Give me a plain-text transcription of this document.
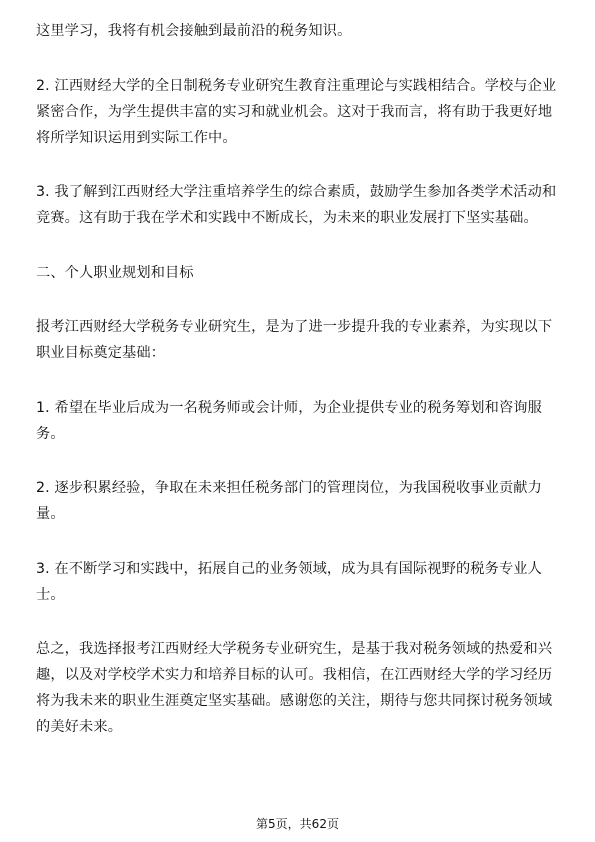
这里学习，我将有机会接触到最前沿的税务知识。

2. 江西财经大学的全日制税务专业研究生教育注重理论与实践相结合。学校与企业紧密合作，为学生提供丰富的实习和就业机会。这对于我而言，将有助于我更好地将所学知识运用到实际工作中。

3. 我了解到江西财经大学注重培养学生的综合素质，鼓励学生参加各类学术活动和竞赛。这有助于我在学术和实践中不断成长，为未来的职业发展打下坚实基础。

二、个人职业规划和目标

报考江西财经大学税务专业研究生，是为了进一步提升我的专业素养，为实现以下职业目标奠定基础：

1. 希望在毕业后成为一名税务师或会计师，为企业提供专业的税务筹划和咨询服务。

2. 逐步积累经验，争取在未来担任税务部门的管理岗位，为我国税收事业贡献力量。

3. 在不断学习和实践中，拓展自己的业务领域，成为具有国际视野的税务专业人士。

总之，我选择报考江西财经大学税务专业研究生，是基于我对税务领域的热爱和兴趣，以及对学校学术实力和培养目标的认可。我相信，在江西财经大学的学习经历将为我未来的职业生涯奠定坚实基础。感谢您的关注，期待与您共同探讨税务领域的美好未来。

第5页，共62页
